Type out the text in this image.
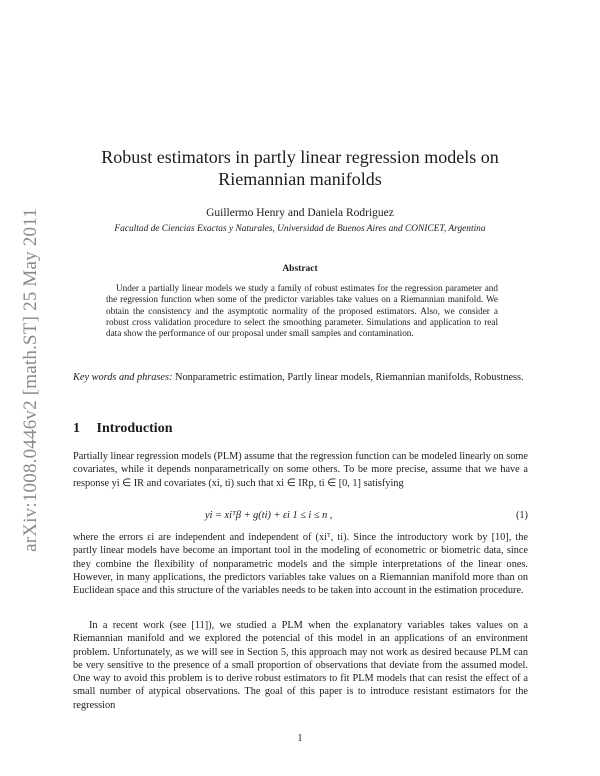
arXiv:1008.0446v2 [math.ST] 25 May 2011
Robust estimators in partly linear regression models on
Riemannian manifolds
Guillermo Henry and Daniela Rodriguez
Facultad de Ciencias Exactas y Naturales, Universidad de Buenos Aires and CONICET, Argentina
Abstract
Under a partially linear models we study a family of robust estimates for the regression parameter and the regression function when some of the predictor variables take values on a Riemannian manifold. We obtain the consistency and the asymptotic normality of the proposed estimators. Also, we consider a robust cross validation procedure to select the smoothing parameter. Simulations and application to real data show the performance of our proposal under small samples and contamination.
Key words and phrases: Nonparametric estimation, Partly linear models, Riemannian manifolds, Robustness.
1 Introduction
Partially linear regression models (PLM) assume that the regression function can be modeled linearly on some covariates, while it depends nonparametrically on some others. To be more precise, assume that we have a response yi ∈ IR and covariates (xi, ti) such that xi ∈ IRp, ti ∈ [0, 1] satisfying
yi = xiᵀβ + g(ti) + εi 1 ≤ i ≤ n ,	(1)
where the errors εi are independent and independent of (xiᵀ, ti). Since the introductory work by [10], the partly linear models have become an important tool in the modeling of econometric or biometric data, since they combine the flexibility of nonparametric models and the simple interpretations of the linear ones. However, in many applications, the predictors variables take values on a Riemannian manifold more than on Euclidean space and this structure of the variables needs to be taken into account in the estimation procedure.
In a recent work (see [11]), we studied a PLM when the explanatory variables takes values on a Riemannian manifold and we explored the potencial of this model in an applications of an environment problem. Unfortunately, as we will see in Section 5, this approach may not work as desired because PLM can be very sensitive to the presence of a small proportion of observations that deviate from the assumed model. One way to avoid this problem is to derive robust estimators to fit PLM models that can resist the effect of a small number of atypical observations. The goal of this paper is to introduce resistant estimators for the regression
1
